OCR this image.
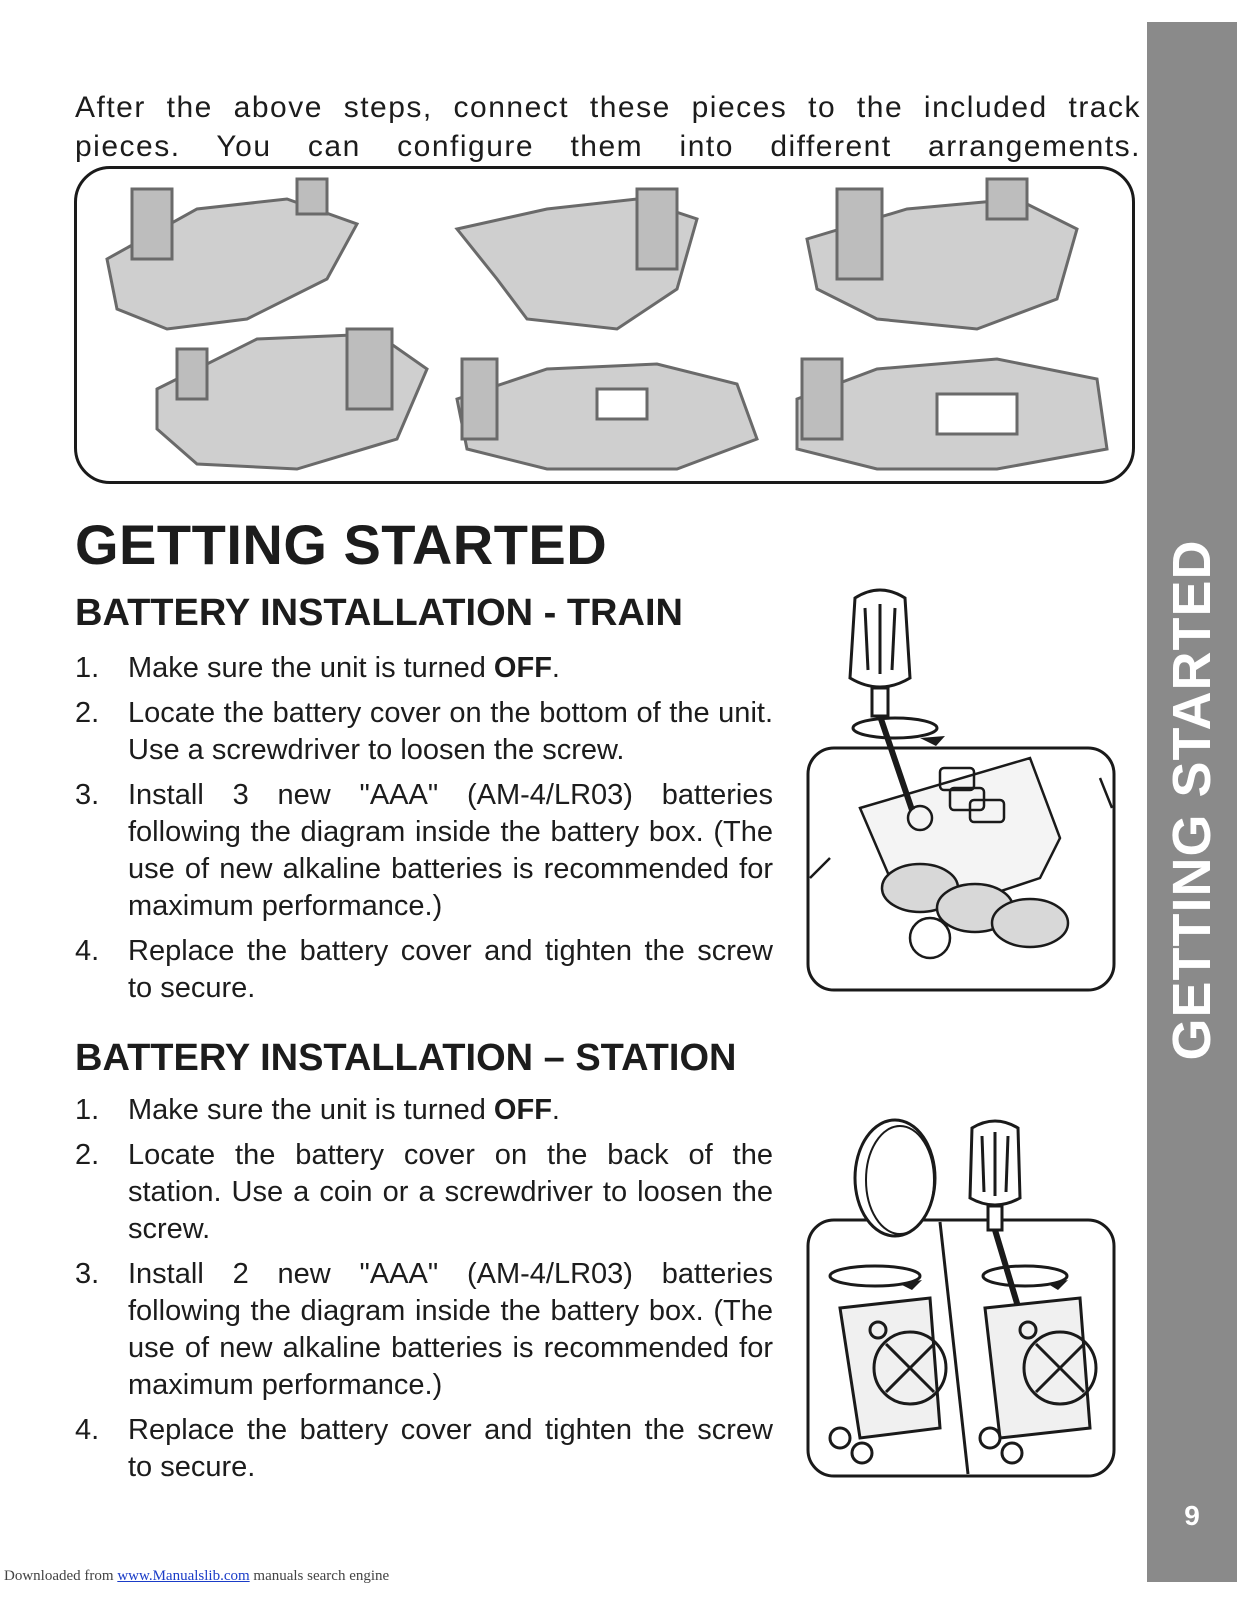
GETTING STARTED
9
After the above steps, connect these pieces to the included track
pieces. You can configure them into different arrangements.
GETTING STARTED
BATTERY INSTALLATION - TRAIN
1. Make sure the unit is turned OFF.
2. Locate the battery cover on the bottom of the unit. Use a screwdriver to loosen the screw.
3. Install 3 new "AAA" (AM-4/LR03) batteries following the diagram inside the battery box. (The use of new alkaline batteries is recommended for maximum performance.)
4. Replace the battery cover and tighten the screw to secure.
BATTERY INSTALLATION – STATION
1. Make sure the unit is turned OFF.
2. Locate the battery cover on the back of the station. Use a coin or a screwdriver to loosen the screw.
3. Install 2 new "AAA" (AM-4/LR03) batteries following the diagram inside the battery box. (The use of new alkaline batteries is recommended for maximum performance.)
4. Replace the battery cover and tighten the screw to secure.
Downloaded from www.Manualslib.com manuals search engine
